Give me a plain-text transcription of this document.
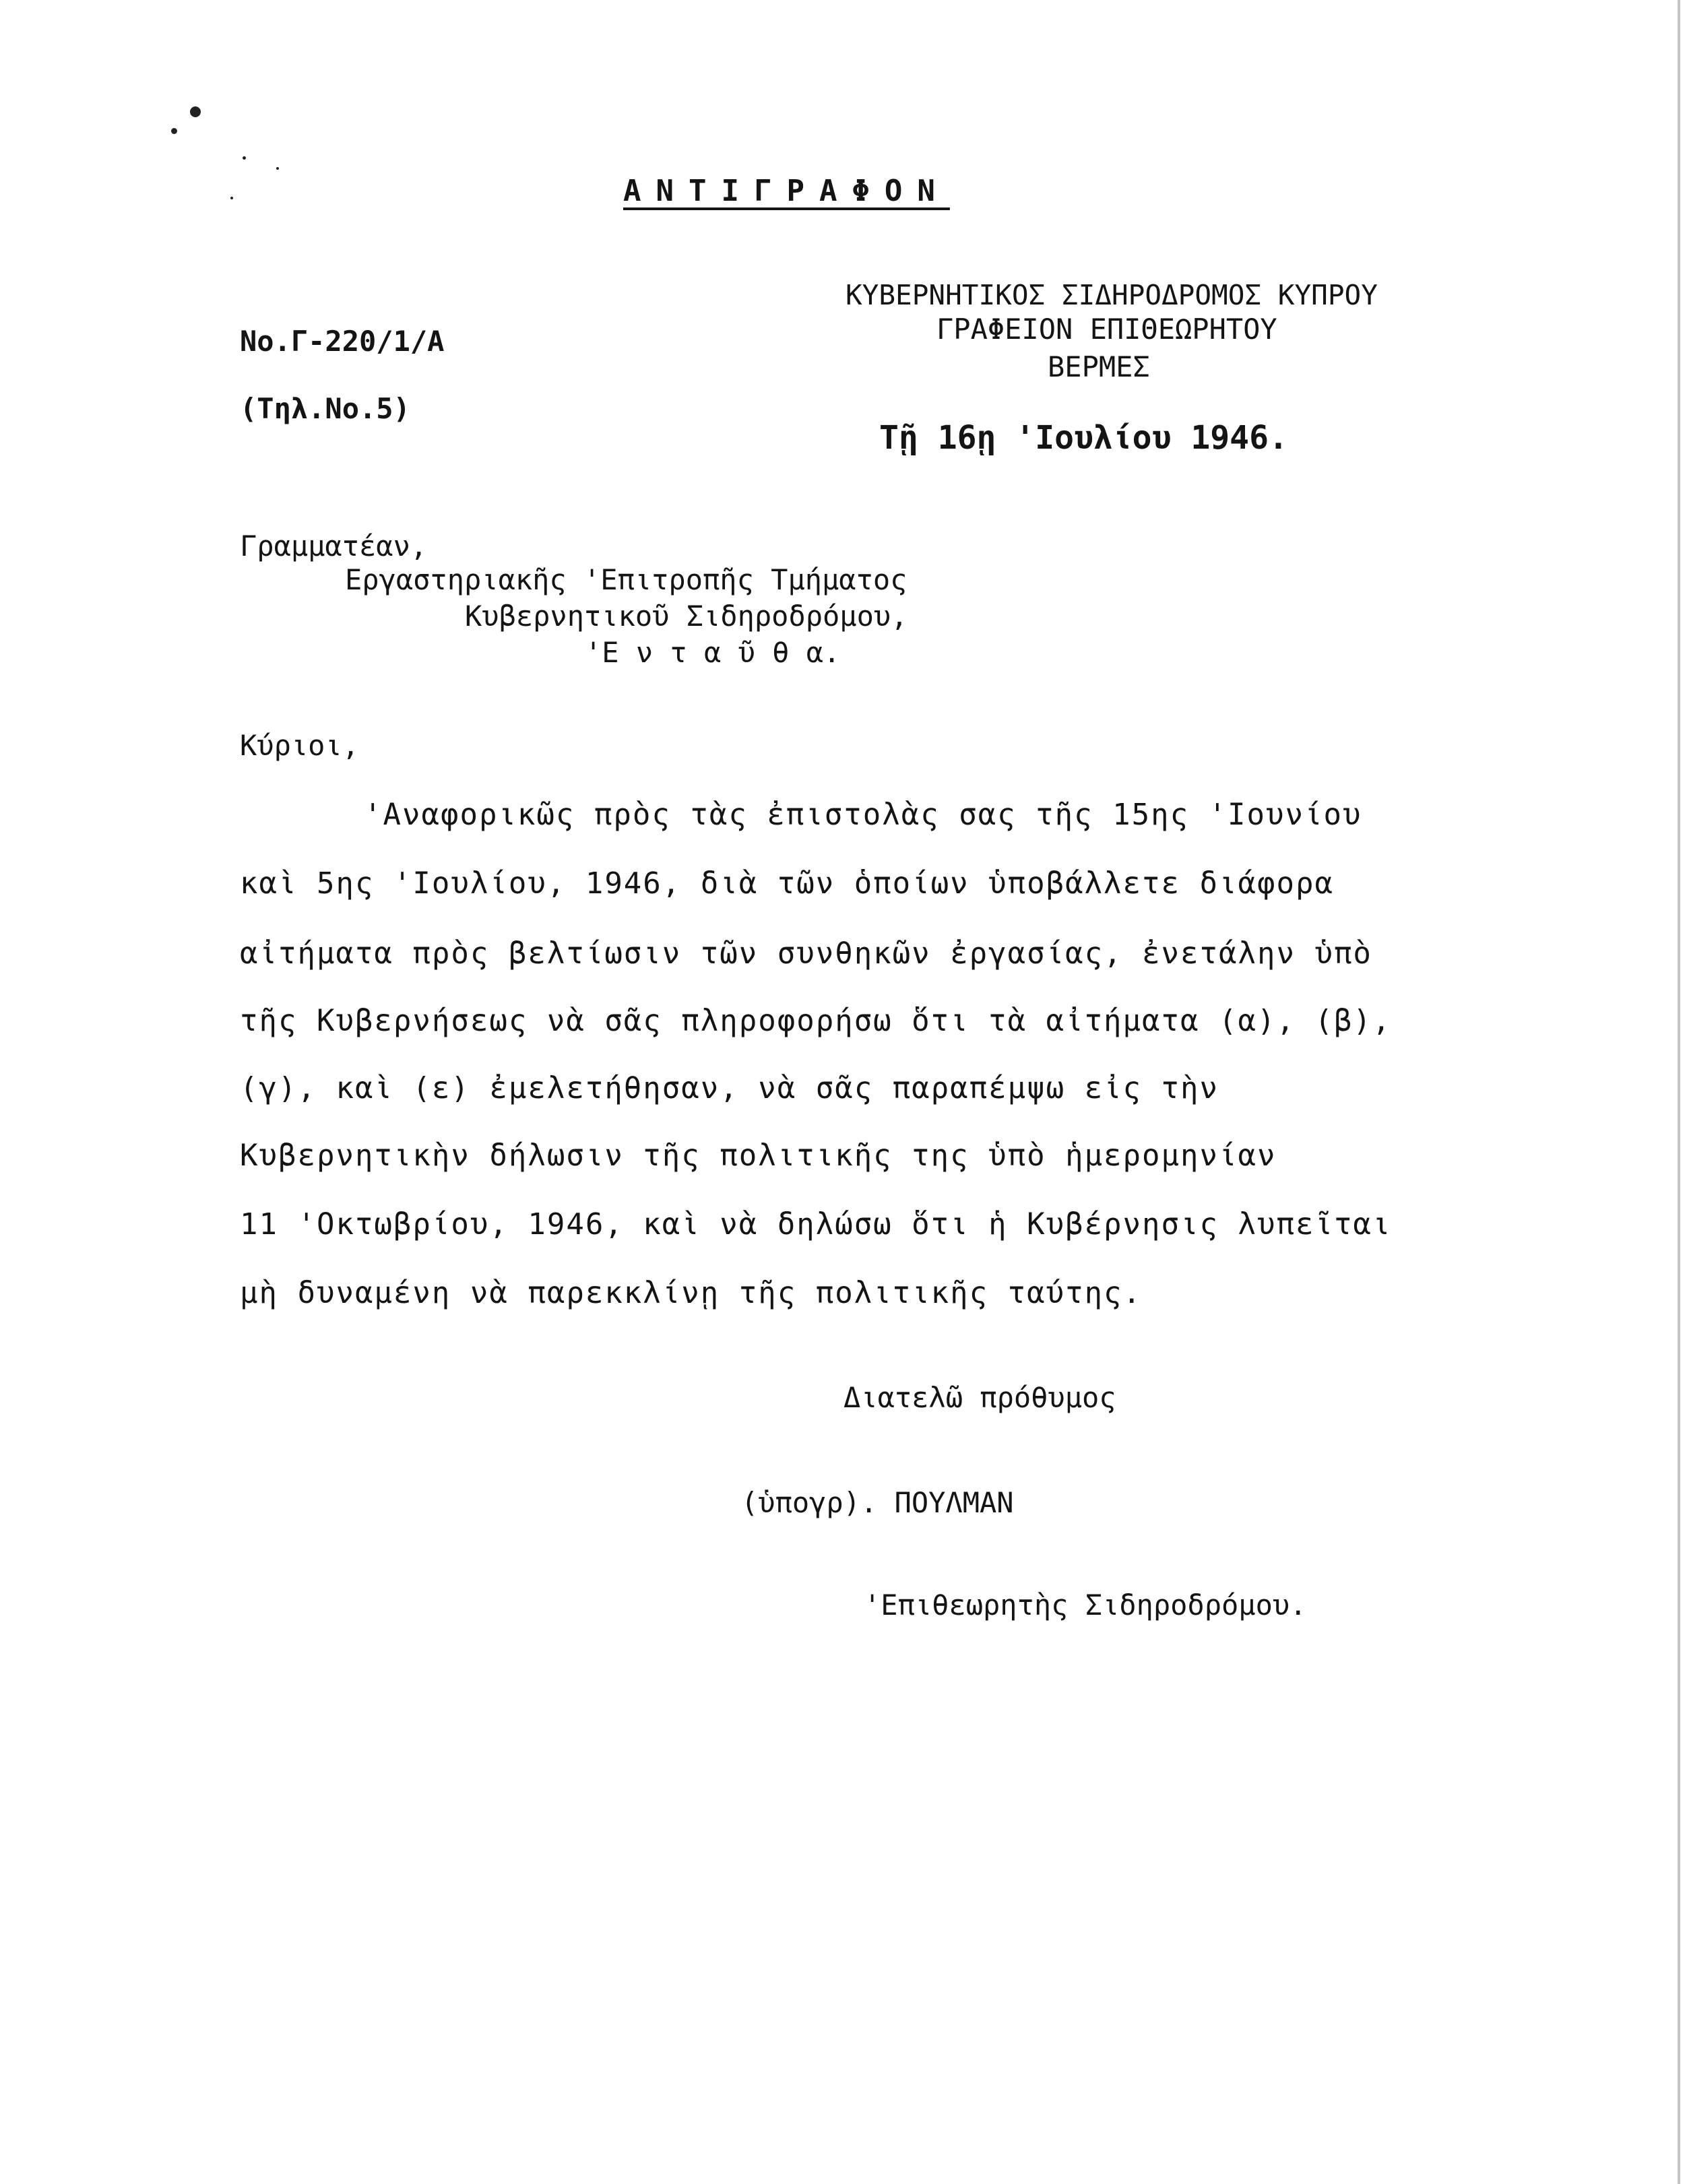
ΑΝΤΙΓΡΑΦΟΝ
ΚΥΒΕΡΝΗΤΙΚΟΣ ΣΙΔΗΡΟΔΡΟΜΟΣ ΚΥΠΡΟΥ
ΓΡΑΦΕΙΟΝ ΕΠΙΘΕΩΡΗΤΟΥ
ΒΕΡΜΕΣ
No.Γ-220/1/Α
(Τηλ.No.5)
Τῇ 16ῃ 'Ιουλίου 1946.
Γραμματέαν,
Εργαστηριακῆς 'Επιτροπῆς Τμήματος
Κυβερνητικοῦ Σιδηροδρόμου,
'Ε ν τ α ῦ θ α.
Κύριοι,
'Αναφορικῶς πρὸς τὰς ἐπιστολὰς σας τῆς 15ης 'Ιουνίου
καὶ 5ης 'Ιουλίου, 1946, διὰ τῶν ὁποίων ὑποβάλλετε διάφορα
αἰτήματα πρὸς βελτίωσιν τῶν συνθηκῶν ἐργασίας, ἐνετάλην ὑπὸ
τῆς Κυβερνήσεως νὰ σᾶς πληροφορήσω ὅτι τὰ αἰτήματα (α), (β),
(γ), καὶ (ε) ἐμελετήθησαν, νὰ σᾶς παραπέμψω εἰς τὴν
Κυβερνητικὴν δήλωσιν τῆς πολιτικῆς της ὑπὸ ἡμερομηνίαν
11 'Οκτωβρίου, 1946, καὶ νὰ δηλώσω ὅτι ἡ Κυβέρνησις λυπεῖται
μὴ δυναμένη νὰ παρεκκλίνῃ τῆς πολιτικῆς ταύτης.
Διατελῶ πρόθυμος
(ὑπογρ). ΠΟΥΛΜΑΝ
'Επιθεωρητὴς Σιδηροδρόμου.
